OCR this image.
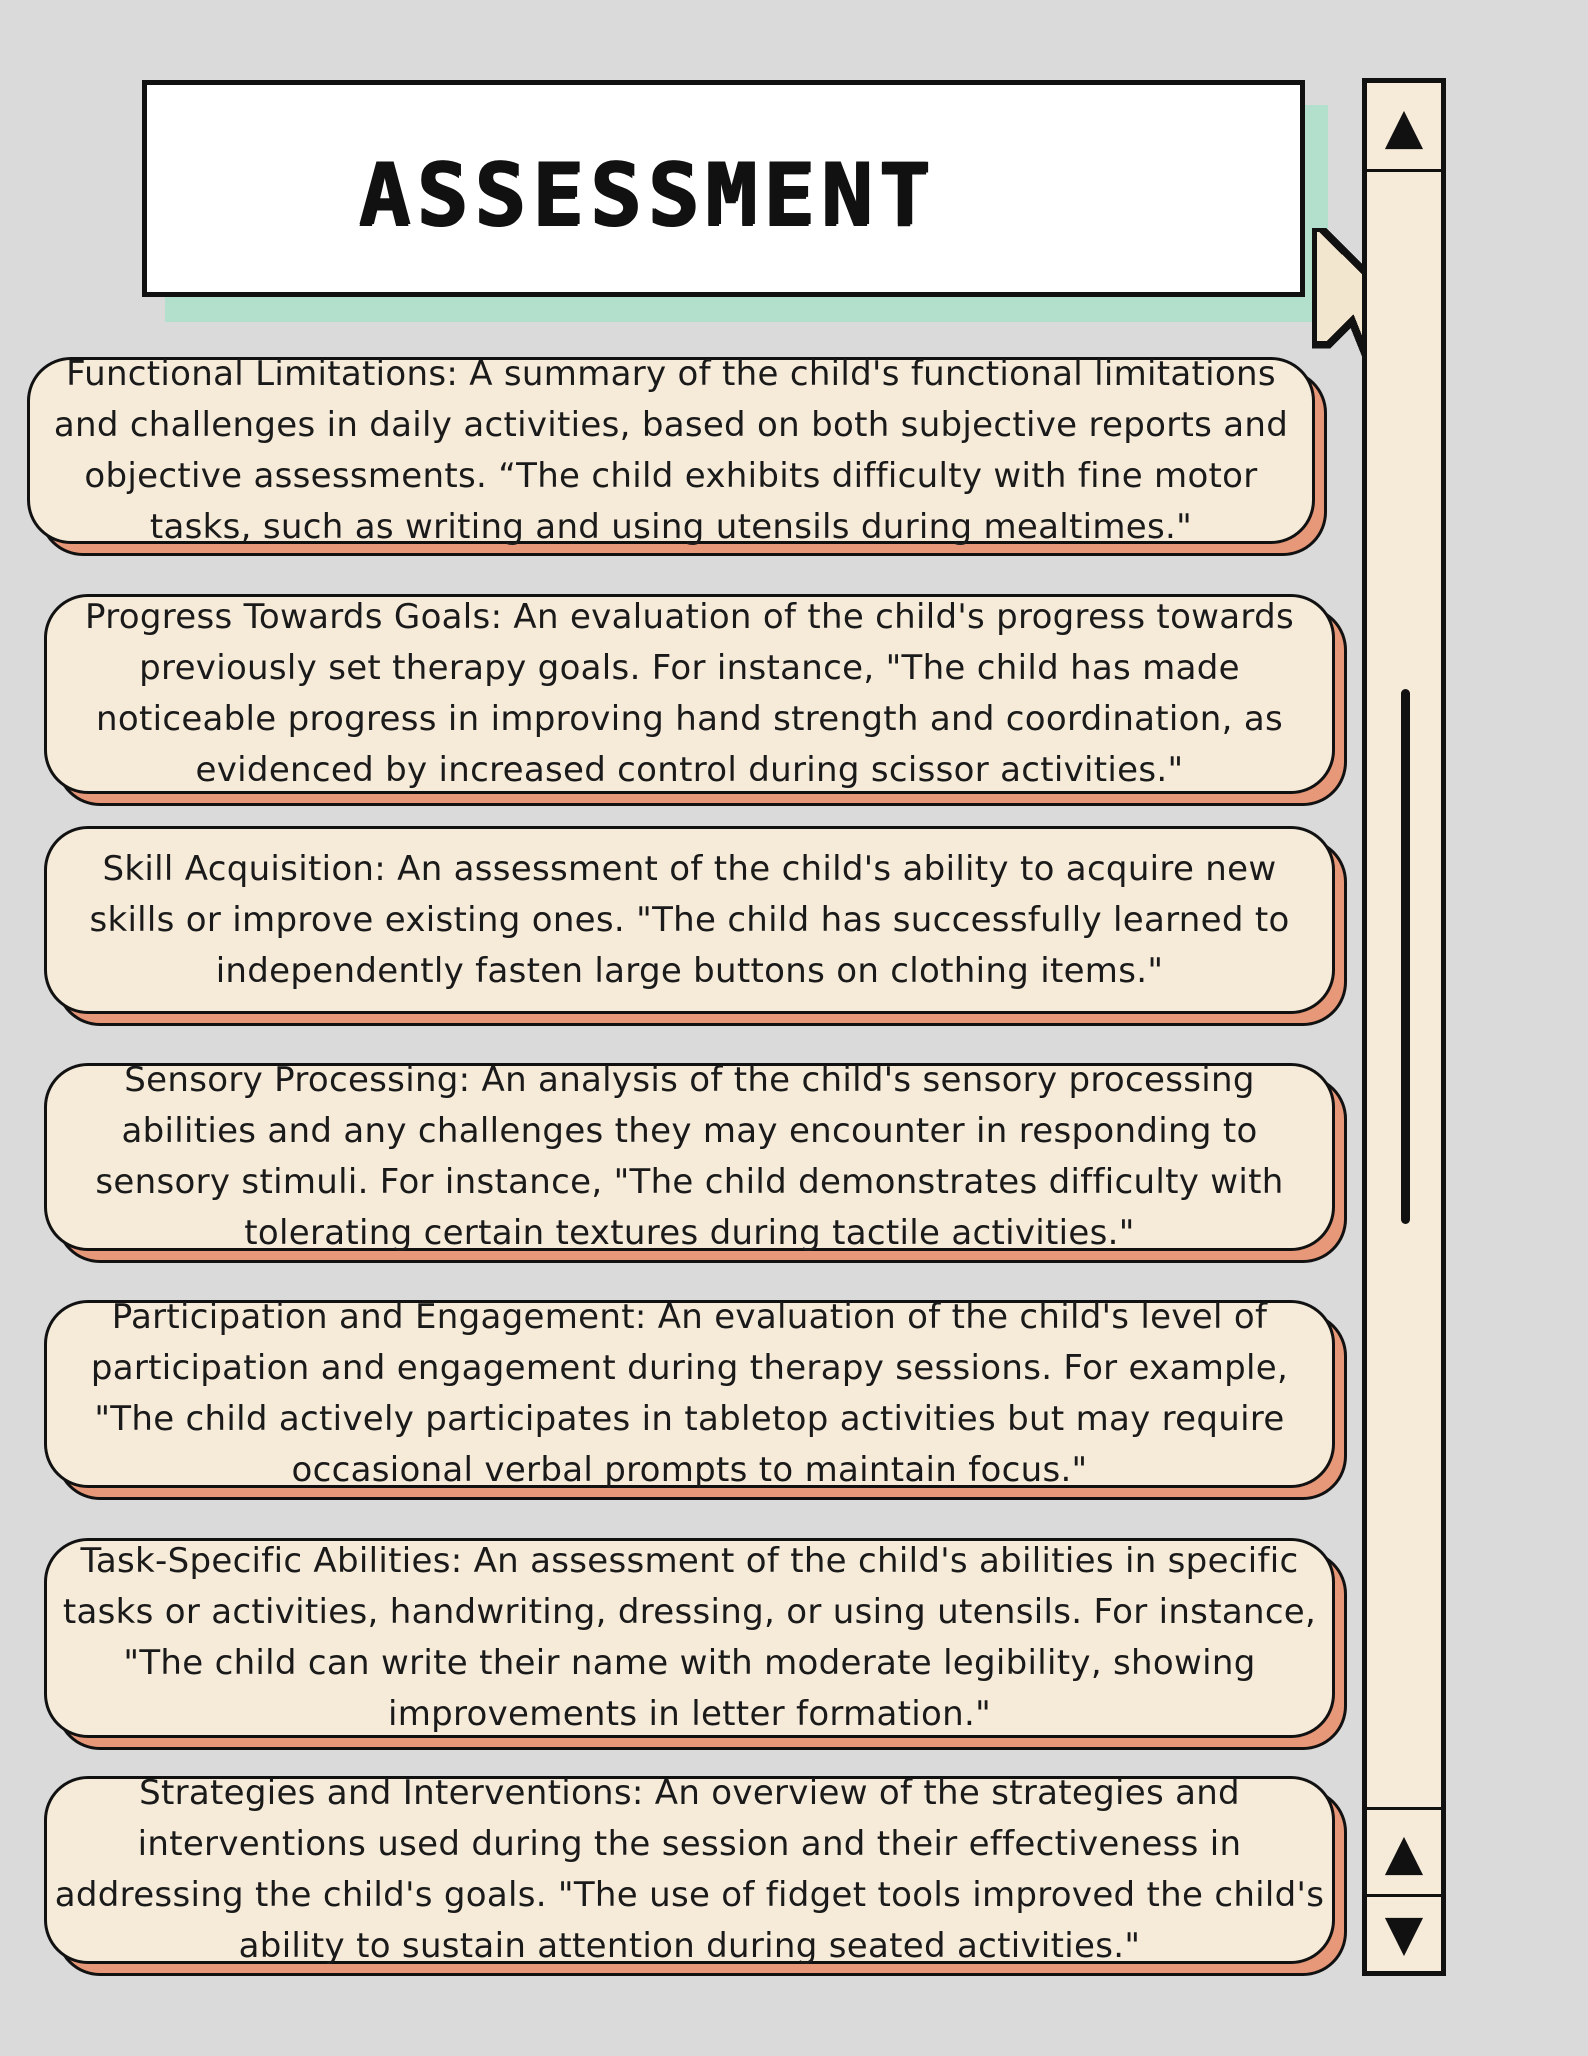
ASSESSMENT
▲
▲
▼
Functional Limitations: A summary of the child's functional limitations
and challenges in daily activities, based on both subjective reports and
objective assessments. “The child exhibits difficulty with fine motor
tasks, such as writing and using utensils during mealtimes."
Progress Towards Goals: An evaluation of the child's progress towards
previously set therapy goals. For instance, "The child has made
noticeable progress in improving hand strength and coordination, as
evidenced by increased control during scissor activities."
Skill Acquisition: An assessment of the child's ability to acquire new
skills or improve existing ones. "The child has successfully learned to
independently fasten large buttons on clothing items."
Sensory Processing: An analysis of the child's sensory processing
abilities and any challenges they may encounter in responding to
sensory stimuli. For instance, "The child demonstrates difficulty with
tolerating certain textures during tactile activities."
Participation and Engagement: An evaluation of the child's level of
participation and engagement during therapy sessions. For example,
"The child actively participates in tabletop activities but may require
occasional verbal prompts to maintain focus."
Task-Specific Abilities: An assessment of the child's abilities in specific
tasks or activities, handwriting, dressing, or using utensils. For instance,
"The child can write their name with moderate legibility, showing
improvements in letter formation."
Strategies and Interventions: An overview of the strategies and
interventions used during the session and their effectiveness in
addressing the child's goals. "The use of fidget tools improved the child's
ability to sustain attention during seated activities."
